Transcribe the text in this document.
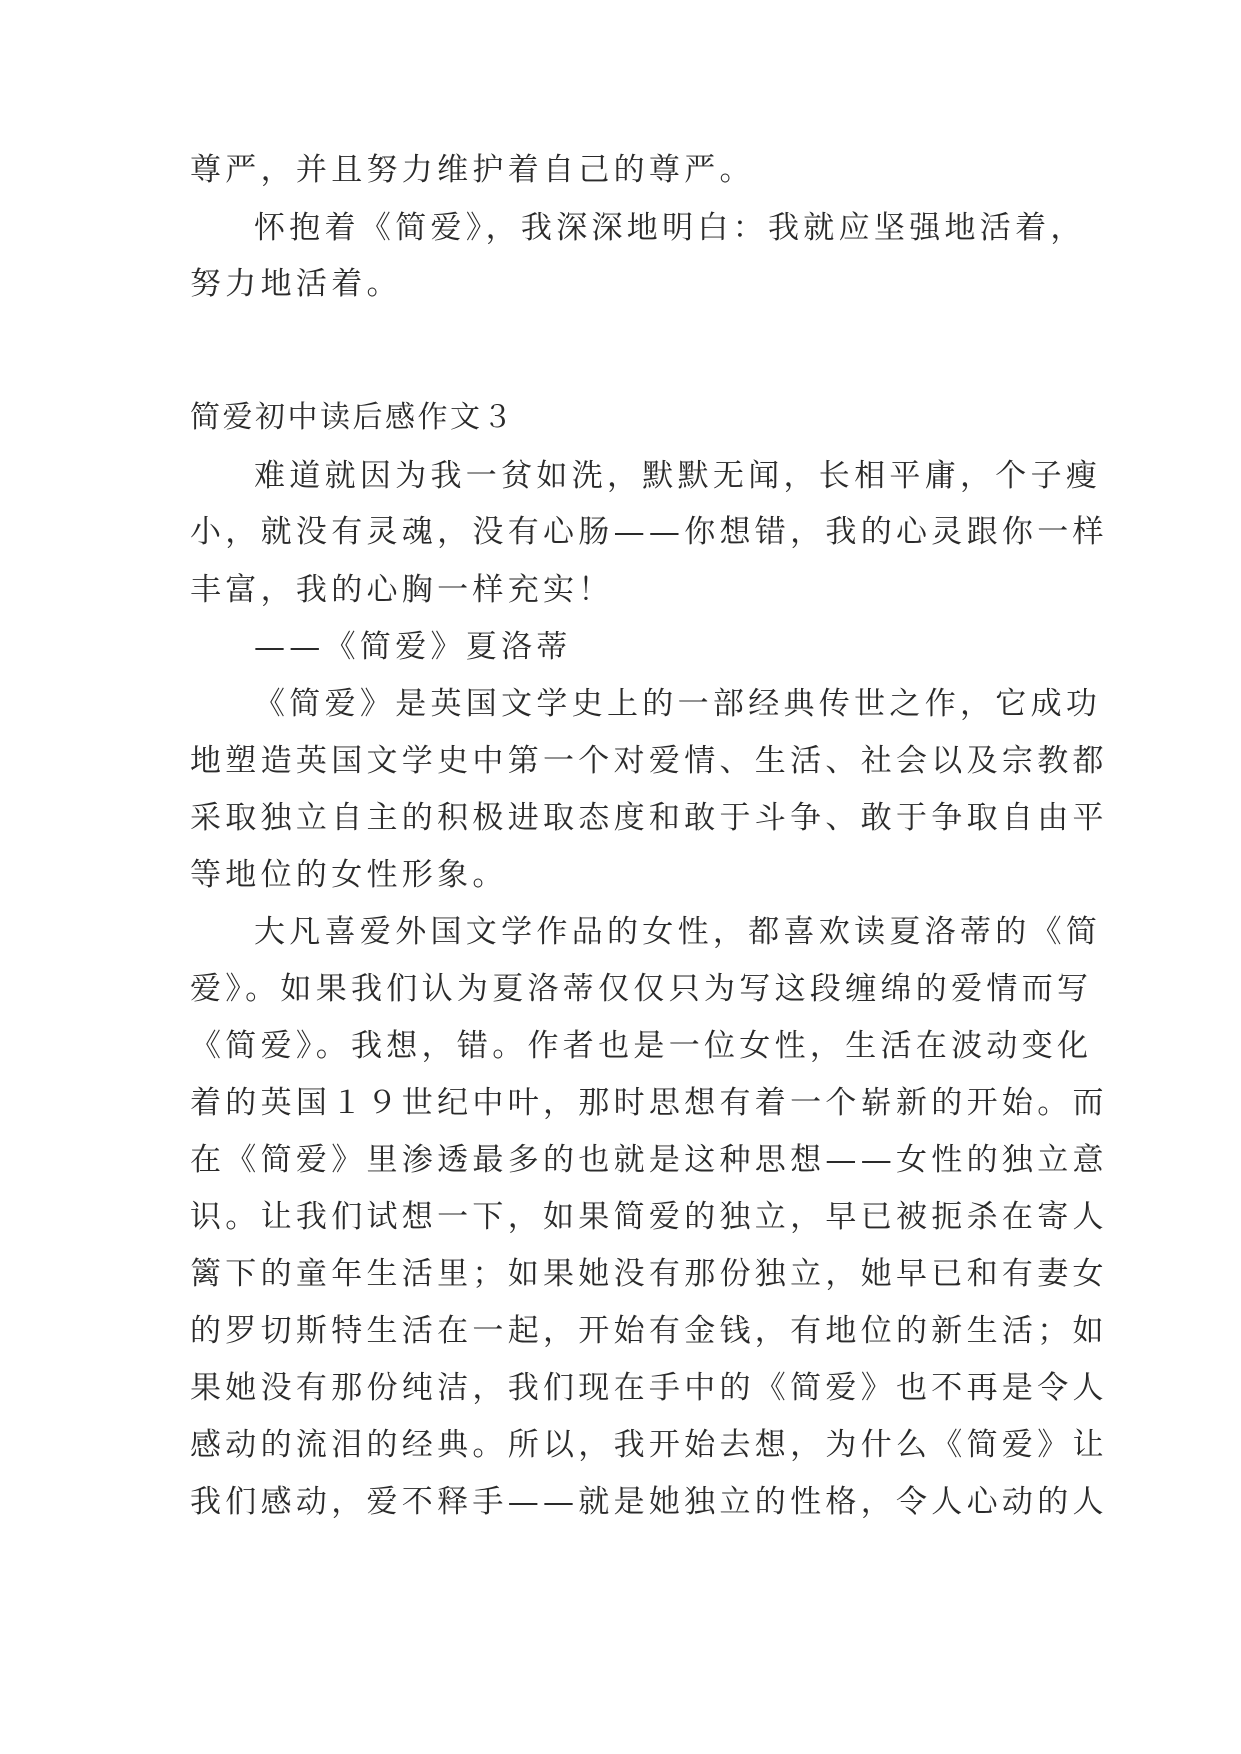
尊严，并且努力维护着自己的尊严。
怀抱着《简爱》，我深深地明白：我就应坚强地活着，
努力地活着。
简爱初中读后感作文３
难道就因为我一贫如洗，默默无闻，长相平庸，个子瘦
小，就没有灵魂，没有心肠——你想错，我的心灵跟你一样
丰富，我的心胸一样充实！
——《简爱》夏洛蒂
《简爱》是英国文学史上的一部经典传世之作，它成功
地塑造英国文学史中第一个对爱情、生活、社会以及宗教都
采取独立自主的积极进取态度和敢于斗争、敢于争取自由平
等地位的女性形象。
大凡喜爱外国文学作品的女性，都喜欢读夏洛蒂的《简
爱》。如果我们认为夏洛蒂仅仅只为写这段缠绵的爱情而写
《简爱》。我想，错。作者也是一位女性，生活在波动变化
着的英国１９世纪中叶，那时思想有着一个崭新的开始。而
在《简爱》里渗透最多的也就是这种思想——女性的独立意
识。让我们试想一下，如果简爱的独立，早已被扼杀在寄人
篱下的童年生活里；如果她没有那份独立，她早已和有妻女
的罗切斯特生活在一起，开始有金钱，有地位的新生活；如
果她没有那份纯洁，我们现在手中的《简爱》也不再是令人
感动的流泪的经典。所以，我开始去想，为什么《简爱》让
我们感动，爱不释手——就是她独立的性格，令人心动的人
